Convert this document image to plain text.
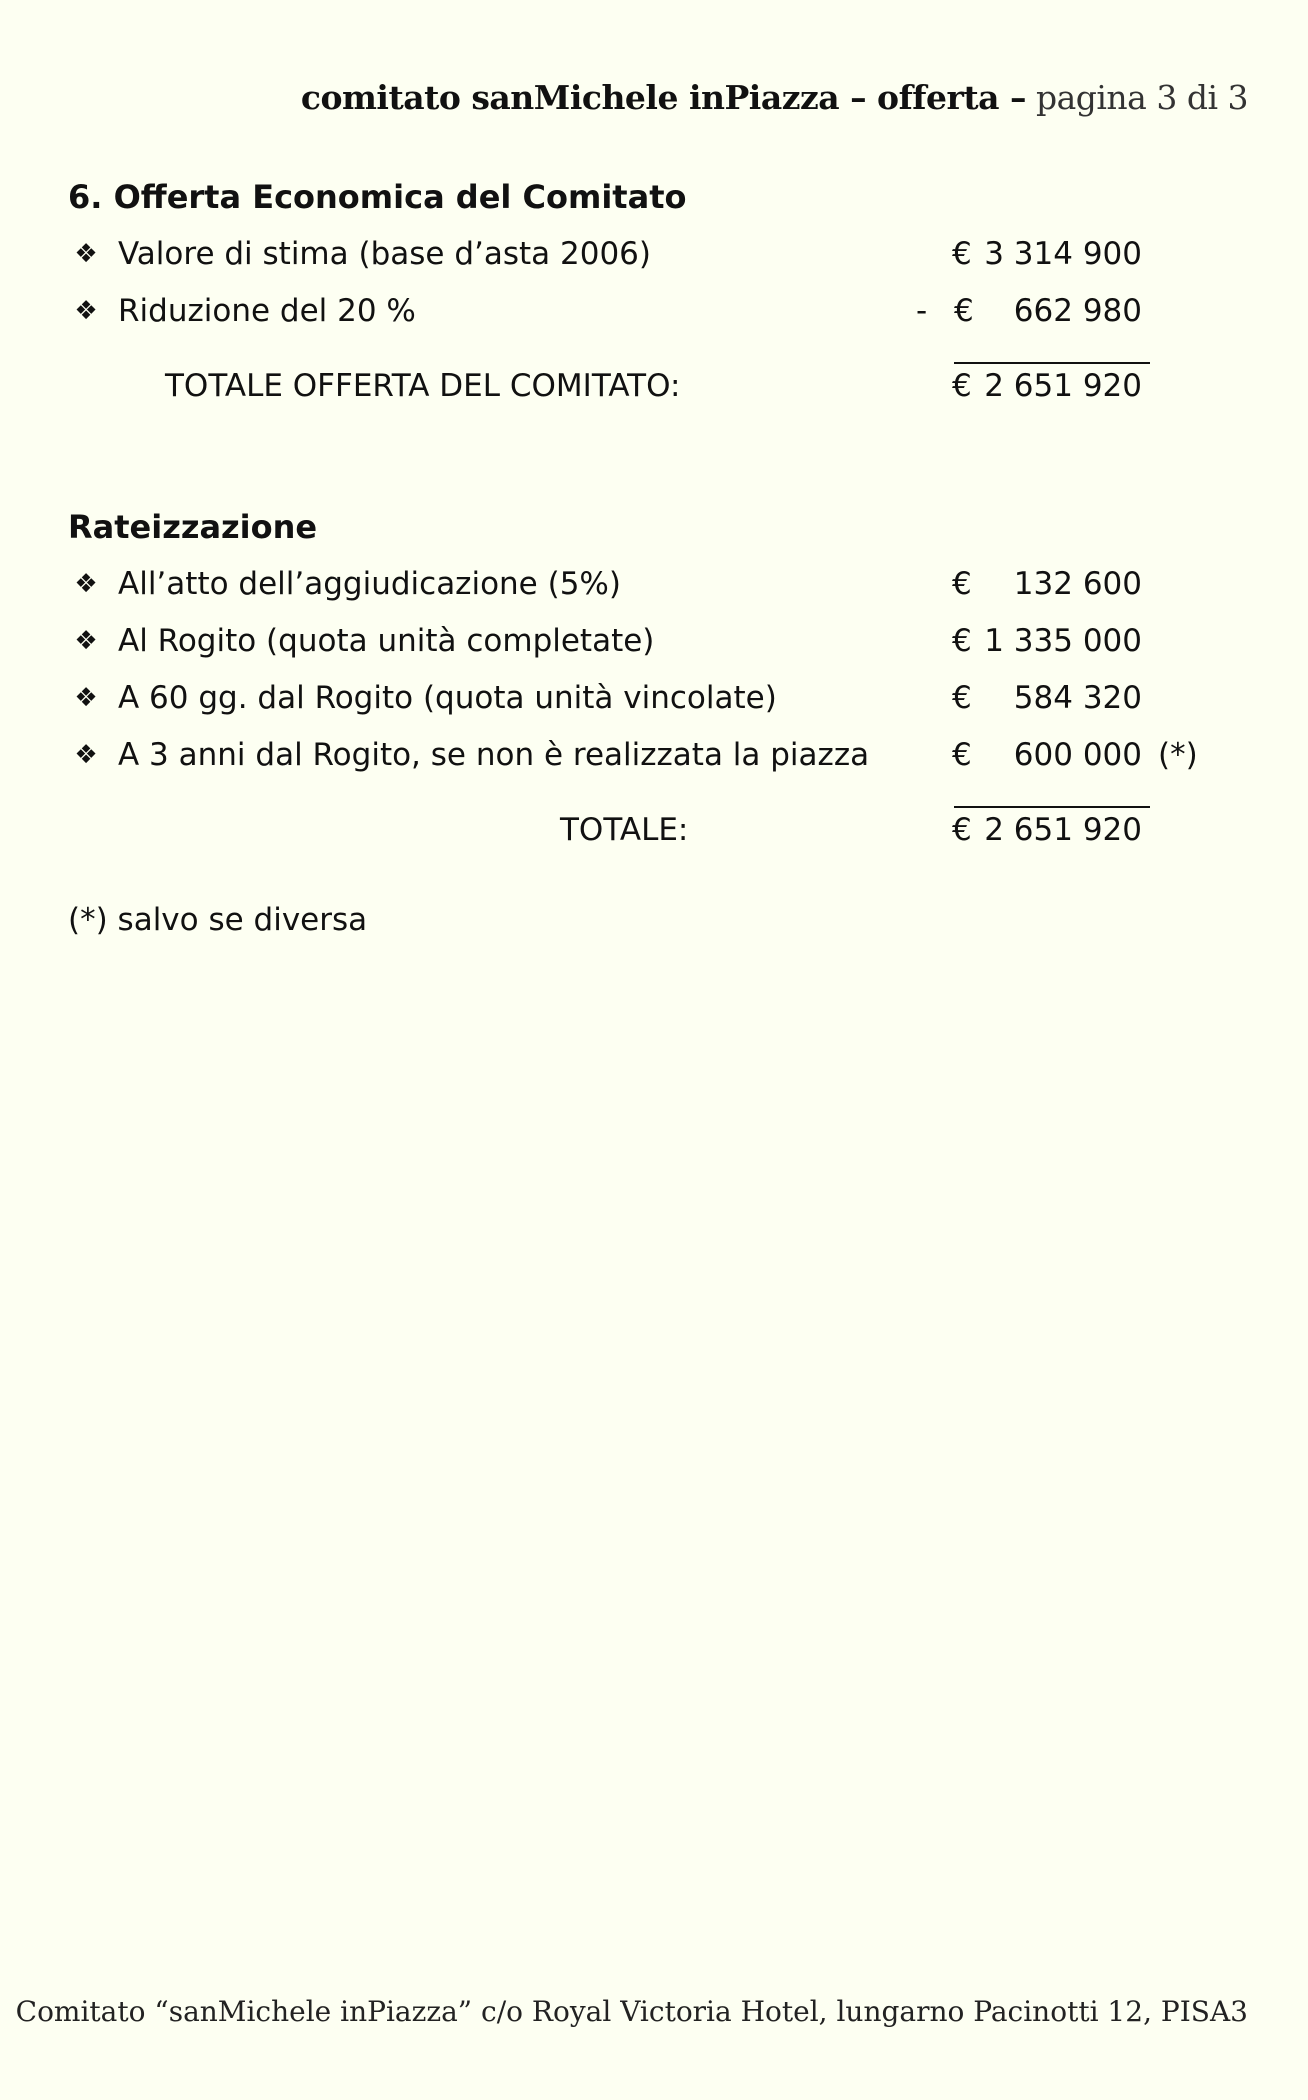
comitato sanMichele inPiazza – offerta – pagina 3 di 3
6. Offerta Economica del Comitato
❖ Valore di stima (base d’asta 2006)	€ 3 314 900
❖ Riduzione del 20 %	- € 662 980
TOTALE OFFERTA DEL COMITATO:	€ 2 651 920
Rateizzazione
❖ All’atto dell’aggiudicazione (5%)	€ 132 600
❖ Al Rogito (quota unità completate)	€ 1 335 000
❖ A 60 gg. dal Rogito (quota unità vincolate)	€ 584 320
❖ A 3 anni dal Rogito, se non è realizzata la piazza	€ 600 000 (*)
TOTALE:	€ 2 651 920
(*) salvo se diversa
Comitato “sanMichele inPiazza” c/o Royal Victoria Hotel, lungarno Pacinotti 12, PISA3
